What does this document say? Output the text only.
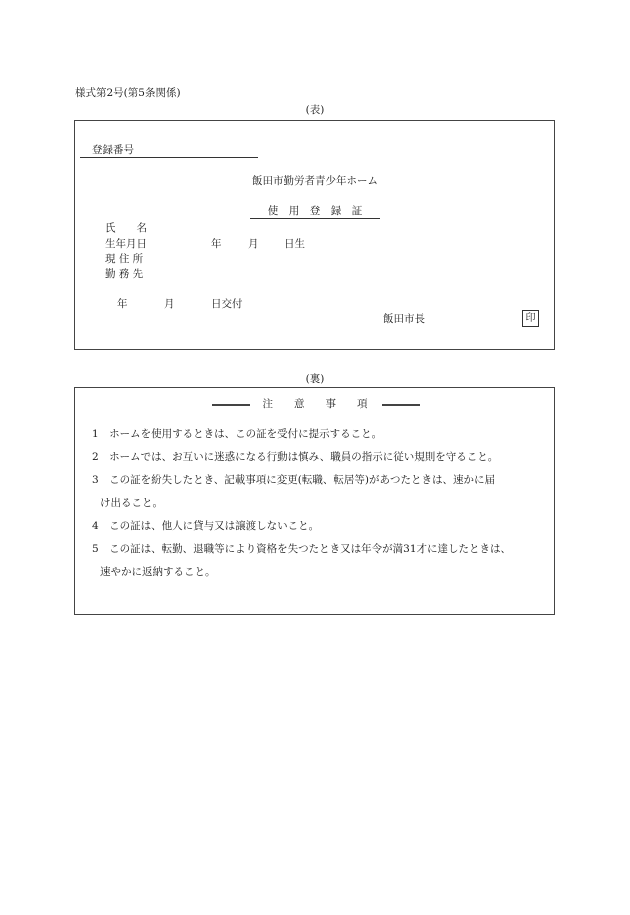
様式第2号(第5条関係)
(表)
登録番号
飯田市勤労者青少年ホーム
使　用　登　録　証
氏　　名
生年月日	年	月 日生
現 住 所
勤 務 先
年	月	日交付
飯田市長	印
(裏)
注　　意　　事　　項
1　ホームを使用するときは、この証を受付に提示すること。
2　ホームでは、お互いに迷惑になる行動は慎み、職員の指示に従い規則を守ること。
3　この証を紛失したとき、記載事項に変更(転職、転居等)があつたときは、速かに届
け出ること。
4　この証は、他人に貸与又は譲渡しないこと。
5　この証は、転勤、退職等により資格を失つたとき又は年令が満31才に達したときは、
速やかに返納すること。
